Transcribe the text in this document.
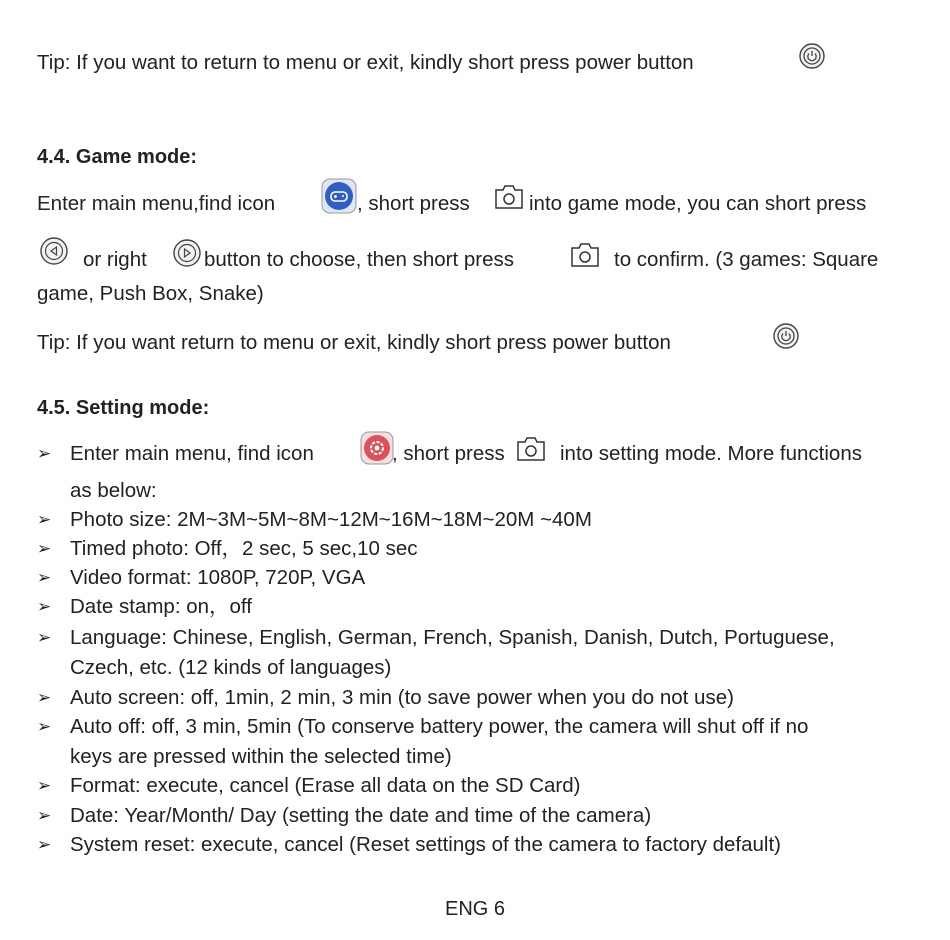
Tip: If you want to return to menu or exit, kindly short press power button
4.4. Game mode:
Enter main menu,find icon	, short press	into game mode, you can short press
or right	button to choose, then short press	to confirm. (3 games: Square
game, Push Box, Snake)
Tip: If you want return to menu or exit, kindly short press power button
4.5. Setting mode:
➢ Enter main menu, find icon	, short press	into setting mode. More functions
as below:
➢ Photo size: 2M~3M~5M~8M~12M~16M~18M~20M ~40M
➢ Timed photo: Off，2 sec, 5 sec,10 sec
➢ Video format: 1080P, 720P, VGA
➢ Date stamp: on，off
➢ Language: Chinese, English, German, French, Spanish, Danish, Dutch, Portuguese,
Czech, etc. (12 kinds of languages)
➢ Auto screen: off, 1min, 2 min, 3 min (to save power when you do not use)
➢ Auto off: off, 3 min, 5min (To conserve battery power, the camera will shut off if no
keys are pressed within the selected time)
➢ Format: execute, cancel (Erase all data on the SD Card)
➢ Date: Year/Month/ Day (setting the date and time of the camera)
➢ System reset: execute, cancel (Reset settings of the camera to factory default)
ENG 6
